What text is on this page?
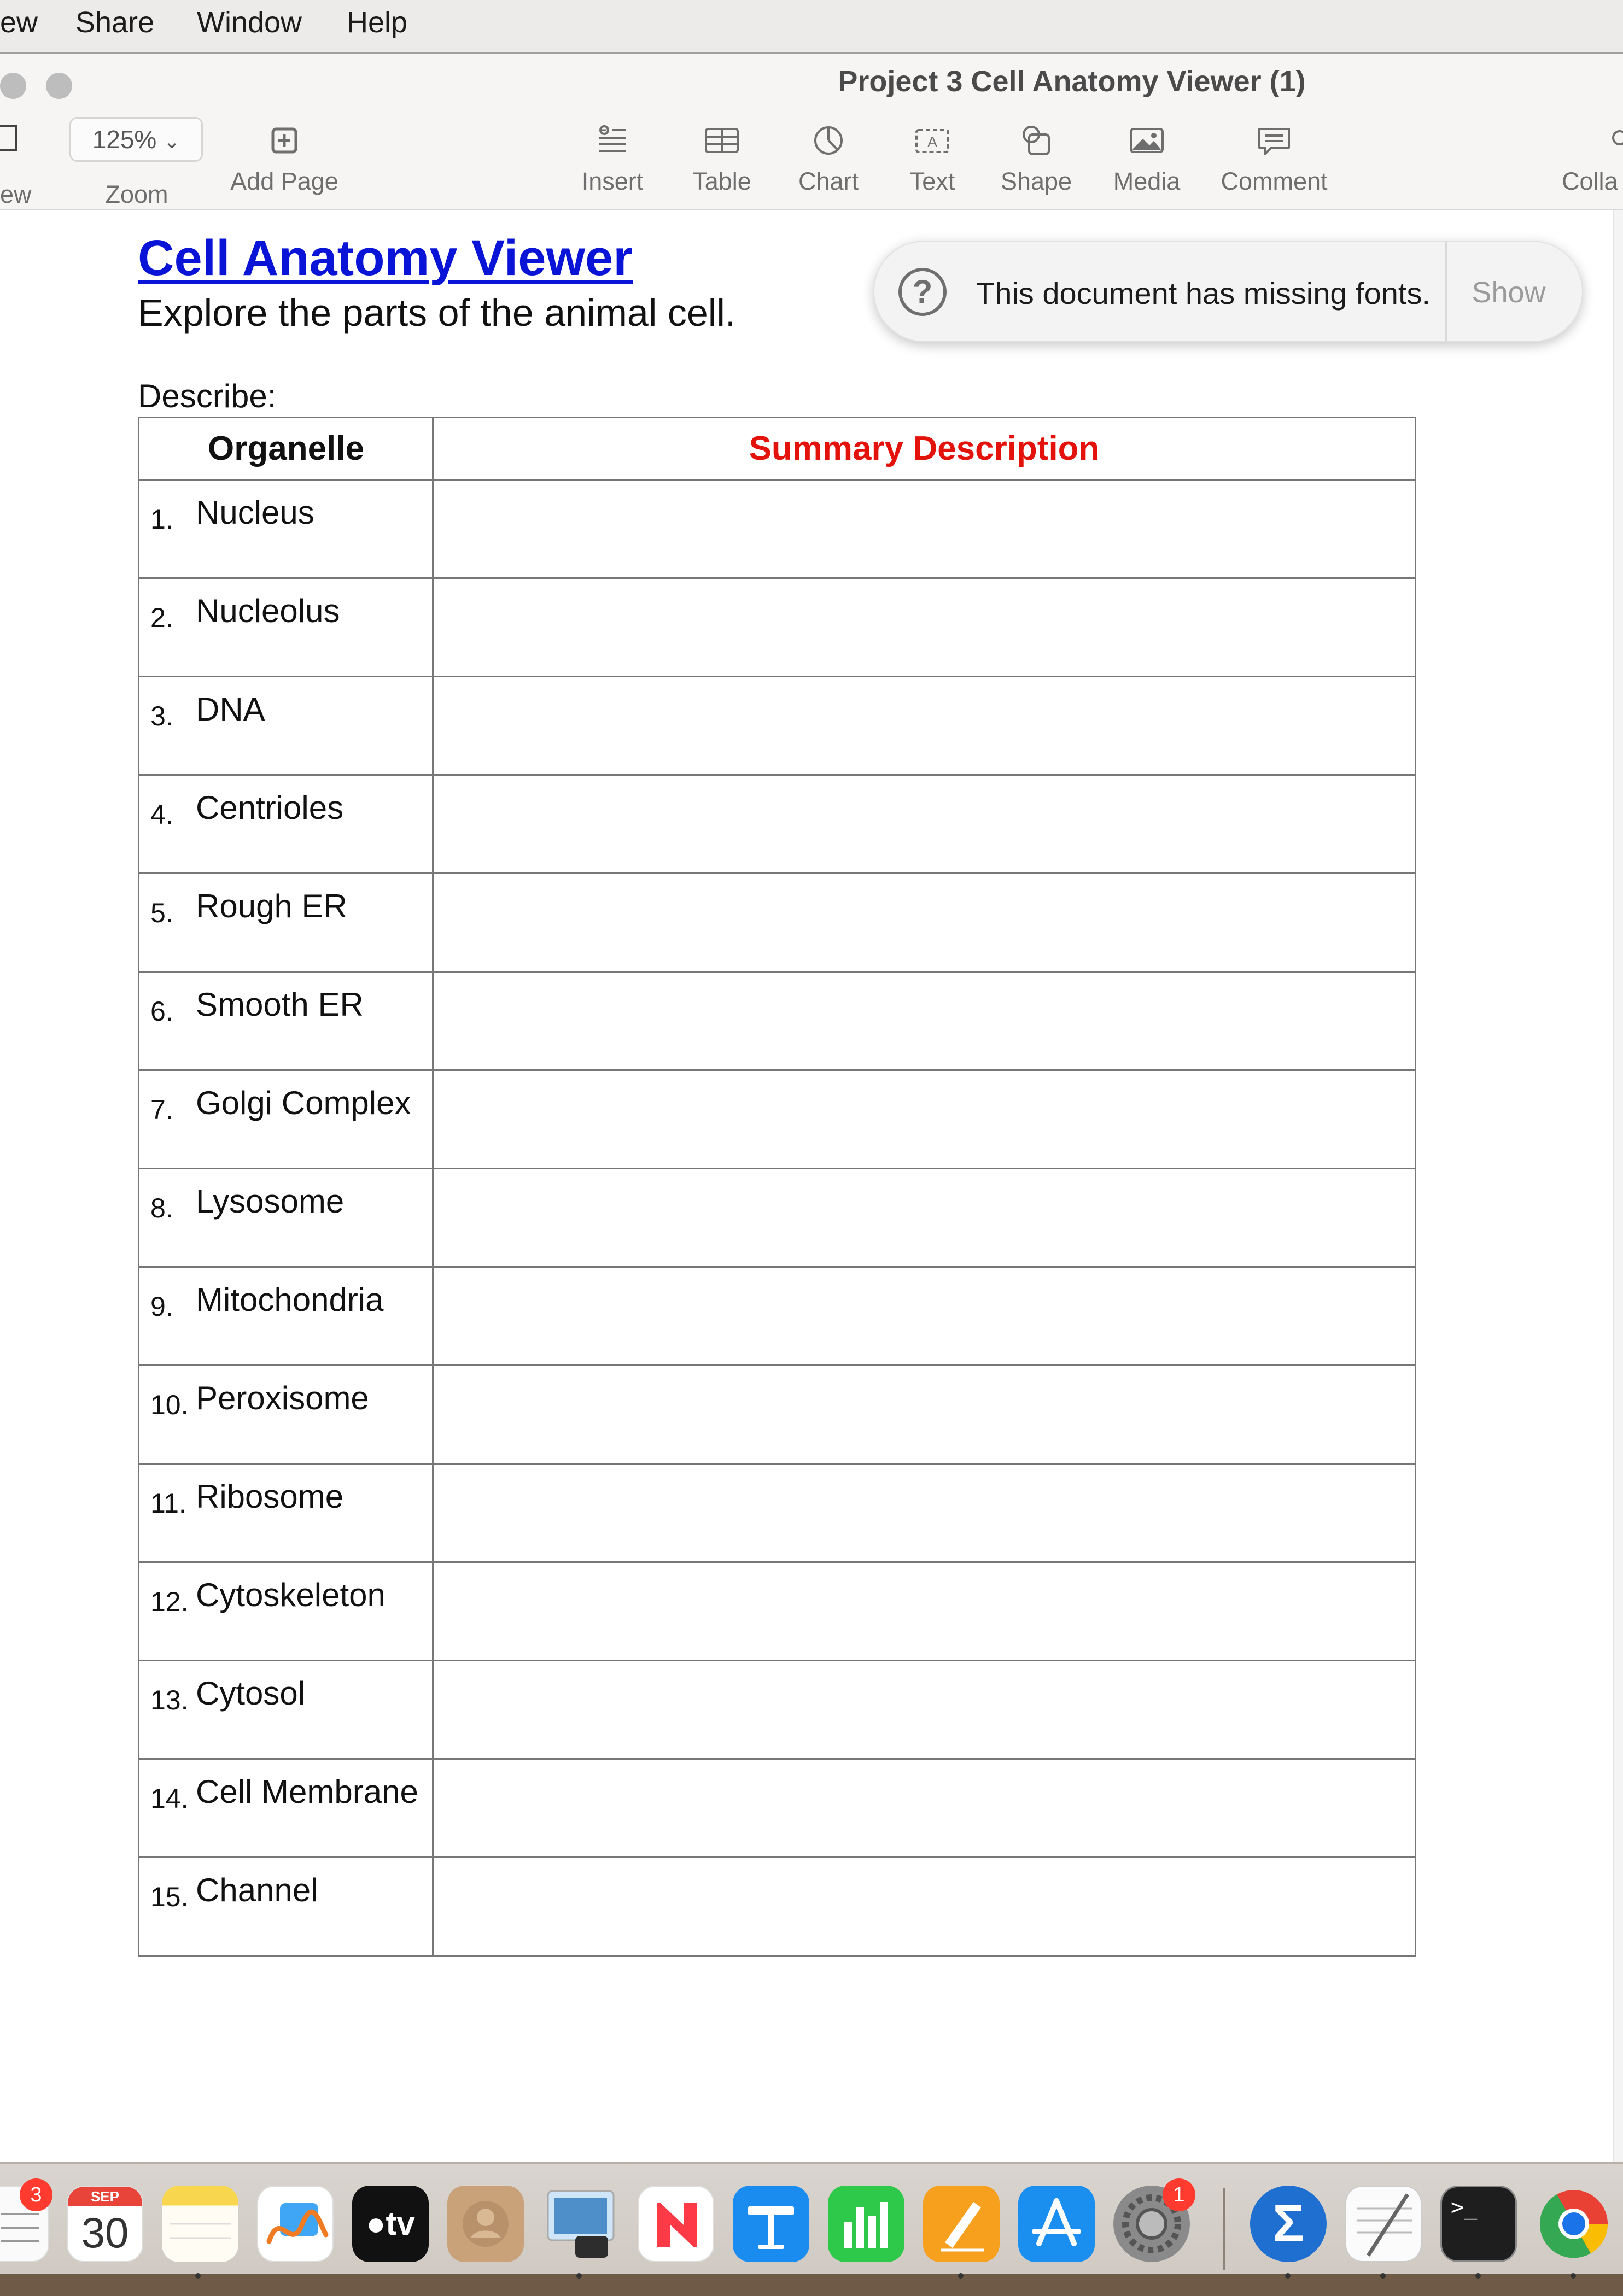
ew Share Window Help
Project 3 Cell Anatomy Viewer (1)
ew
125% ⌄
Zoom	Add Page	Insert	Table	Chart
A
Text	Shape	Media	Comment	Colla
Cell Anatomy Viewer
Explore the parts of the animal cell.
Describe:
Organelle	Summary Description
1. Nucleus
2. Nucleolus
3. DNA
4. Centrioles
5. Rough ER
6. Smooth ER
7. Golgi Complex
8. Lysosome
9. Mitochondria
10. Peroxisome
11. Ribosome
12. Cytoskeleton
13. Cytosol
14. Cell Membrane
15. Channel
?	This document has missing fonts.	Show
3	SEP
30	●tv
1	Σ	>_
